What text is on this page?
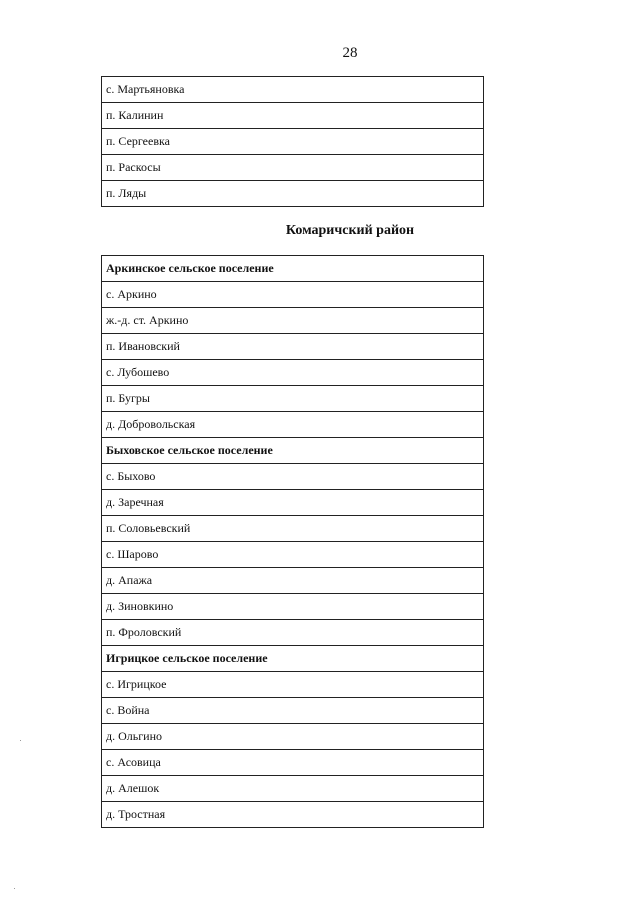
28
с. Мартьяновка
п. Калинин
п. Сергеевка
п. Раскосы
п. Ляды
Комаричский район
Аркинское сельское поселение
с. Аркино
ж.-д. ст. Аркино
п. Ивановский
с. Лубошево
п. Бугры
д. Добровольская
Быховское сельское поселение
с. Быхово
д. Заречная
п. Соловьевский
с. Шарово
д. Апажа
д. Зиновкино
п. Фроловский
Игрицкое сельское поселение
с. Игрицкое
с. Война
д. Ольгино
с. Асовица
д. Алешок
д. Тростная
